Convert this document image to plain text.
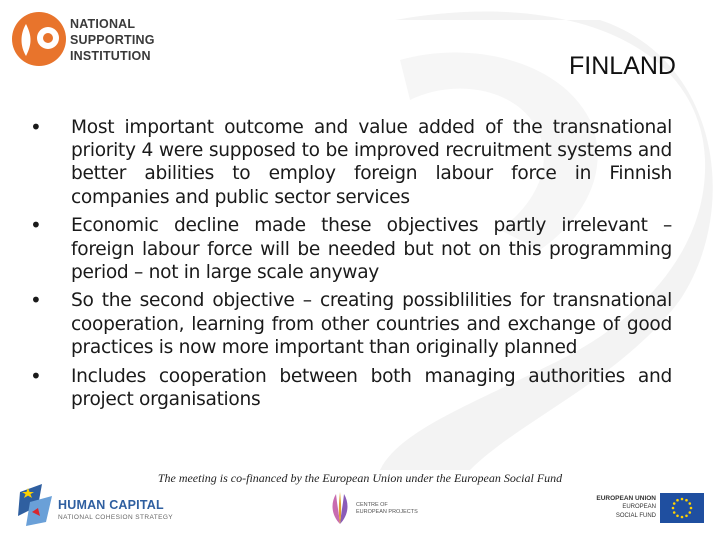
NATIONAL
SUPPORTING
INSTITUTION	FINLAND
• Most important outcome and value added of the transnational priority 4 were supposed to be improved recruitment systems and better abilities to employ foreign labour force in Finnish companies and public sector services
• Economic decline made these objectives partly irrelevant – foreign labour force will be needed but not on this programming period – not in large scale anyway
• So the second objective – creating possiblilities for transnational cooperation, learning from other countries and exchange of good practices is now more important than originally planned
• Includes cooperation between both managing authorities and project organisations
The meeting is co-financed by the European Union under the European Social Fund
HUMAN CAPITAL
NATIONAL COHESION STRATEGY
CENTRE OF
EUROPEAN PROJECTS
EUROPEAN UNION
EUROPEAN
SOCIAL FUND
